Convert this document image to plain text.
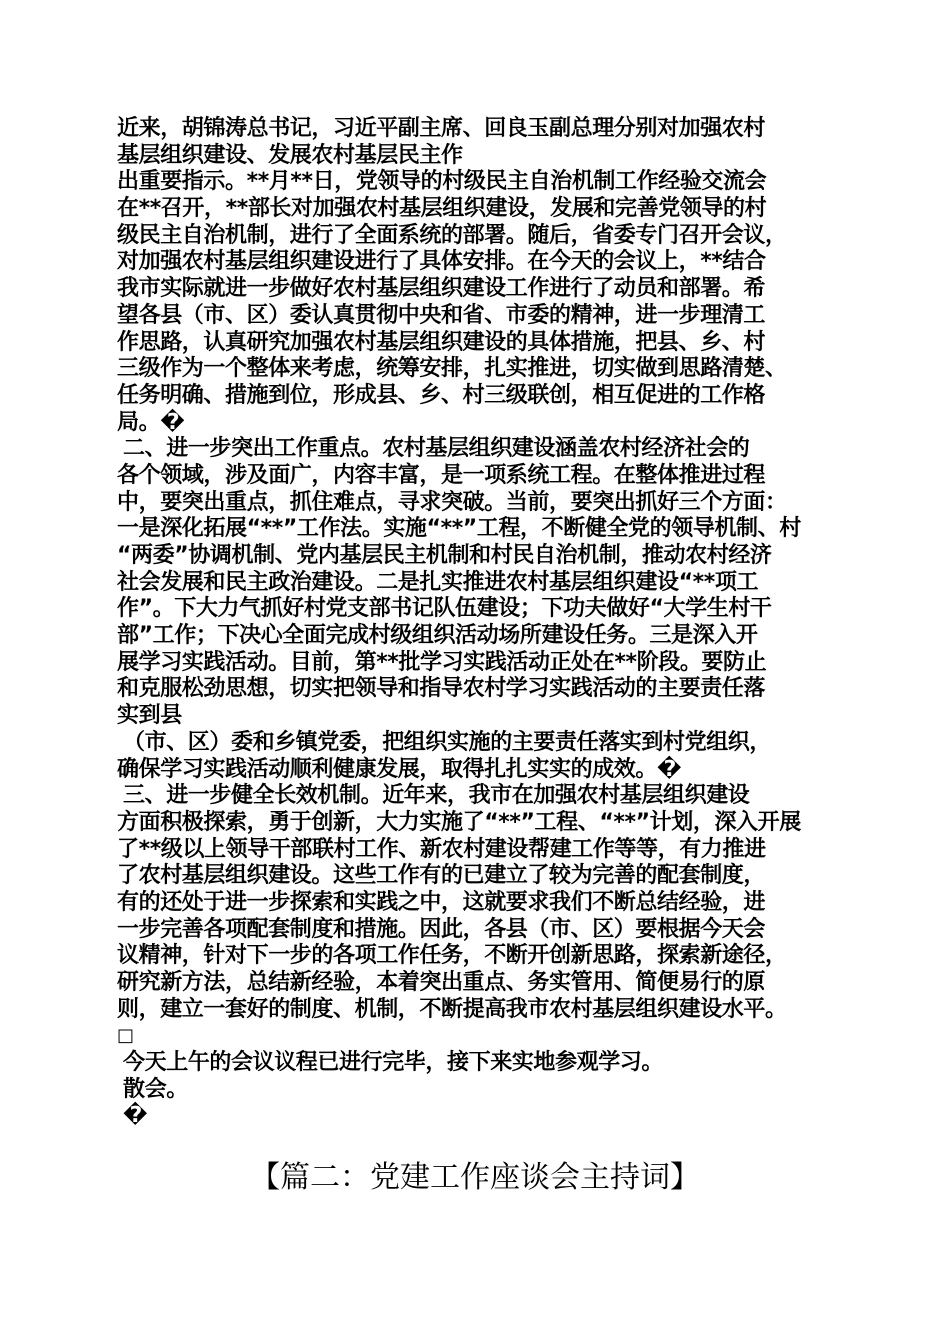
近来，胡锦涛总书记，习近平副主席、回良玉副总理分别对加强农村
基层组织建设、发展农村基层民主作
出重要指示。**月**日，党领导的村级民主自治机制工作经验交流会
在**召开，**部长对加强农村基层组织建设，发展和完善党领导的村
级民主自治机制，进行了全面系统的部署。随后，省委专门召开会议，
对加强农村基层组织建设进行了具体安排。在今天的会议上，**结合
我市实际就进一步做好农村基层组织建设工作进行了动员和部署。希
望各县（市、区）委认真贯彻中央和省、市委的精神，进一步理清工
作思路，认真研究加强农村基层组织建设的具体措施，把县、乡、村
三级作为一个整体来考虑，统筹安排，扎实推进，切实做到思路清楚、
任务明确、措施到位，形成县、乡、村三级联创，相互促进的工作格
局。�
二、进一步突出工作重点。农村基层组织建设涵盖农村经济社会的
各个领域，涉及面广，内容丰富，是一项系统工程。在整体推进过程
中，要突出重点，抓住难点，寻求突破。当前，要突出抓好三个方面：
一是深化拓展“**”工作法。实施“**”工程，不断健全党的领导机制、村
“两委”协调机制、党内基层民主机制和村民自治机制，推动农村经济
社会发展和民主政治建设。二是扎实推进农村基层组织建设“**项工
作”。下大力气抓好村党支部书记队伍建设；下功夫做好“大学生村干
部”工作；下决心全面完成村级组织活动场所建设任务。三是深入开
展学习实践活动。目前，第**批学习实践活动正处在**阶段。要防止
和克服松劲思想，切实把领导和指导农村学习实践活动的主要责任落
实到县
（市、区）委和乡镇党委，把组织实施的主要责任落实到村党组织，
确保学习实践活动顺利健康发展，取得扎扎实实的成效。�
三、进一步健全长效机制。近年来，我市在加强农村基层组织建设
方面积极探索，勇于创新，大力实施了“**”工程、“**”计划，深入开展
了**级以上领导干部联村工作、新农村建设帮建工作等等，有力推进
了农村基层组织建设。这些工作有的已建立了较为完善的配套制度，
有的还处于进一步探索和实践之中，这就要求我们不断总结经验，进
一步完善各项配套制度和措施。因此，各县（市、区）要根据今天会
议精神，针对下一步的各项工作任务，不断开创新思路，探索新途径，
研究新方法，总结新经验，本着突出重点、务实管用、简便易行的原
则，建立一套好的制度、机制，不断提高我市农村基层组织建设水平。
□
今天上午的会议议程已进行完毕，接下来实地参观学习。
散会。
�
【篇二：党建工作座谈会主持词】
